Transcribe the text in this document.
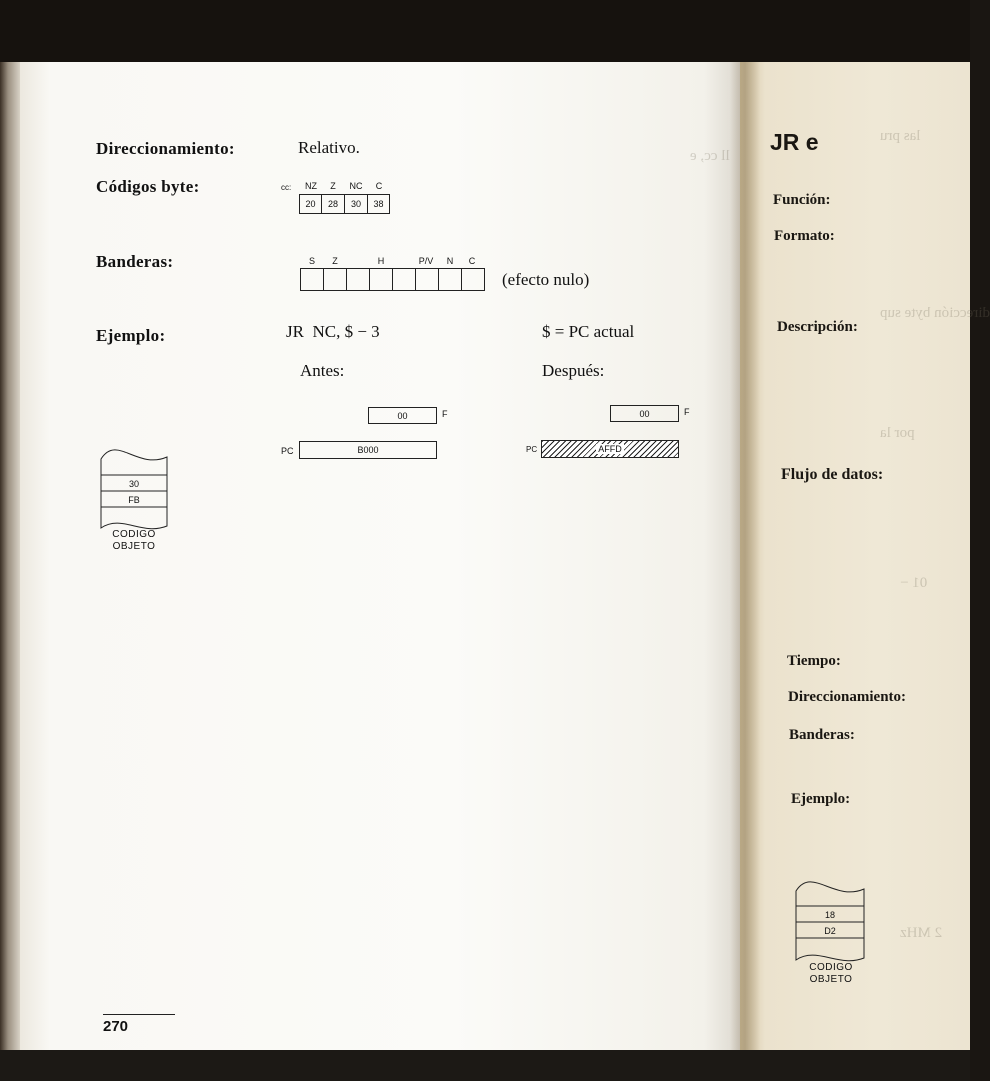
ll cc, e
las pru
dirección byte sup
por la
01 −
2 MHz
Direccionamiento:	Relativo.
Códigos byte:	cc:	NZ	Z	NC	C
20	28	30	38
Banderas:	S	Z	H	P/V	N	C
(efecto nulo)
Ejemplo:	JR  NC, $ − 3	$ = PC actual
Antes:	Después:
00	F	00	F
PC	B000	PC	AFFD
30
FB
CODIGO
OBJETO
270
JR e
Función:
Formato:
Descripción:
Flujo de datos:
Tiempo:
Direccionamiento:
Banderas:
Ejemplo:
18
D2
CODIGO
OBJETO
